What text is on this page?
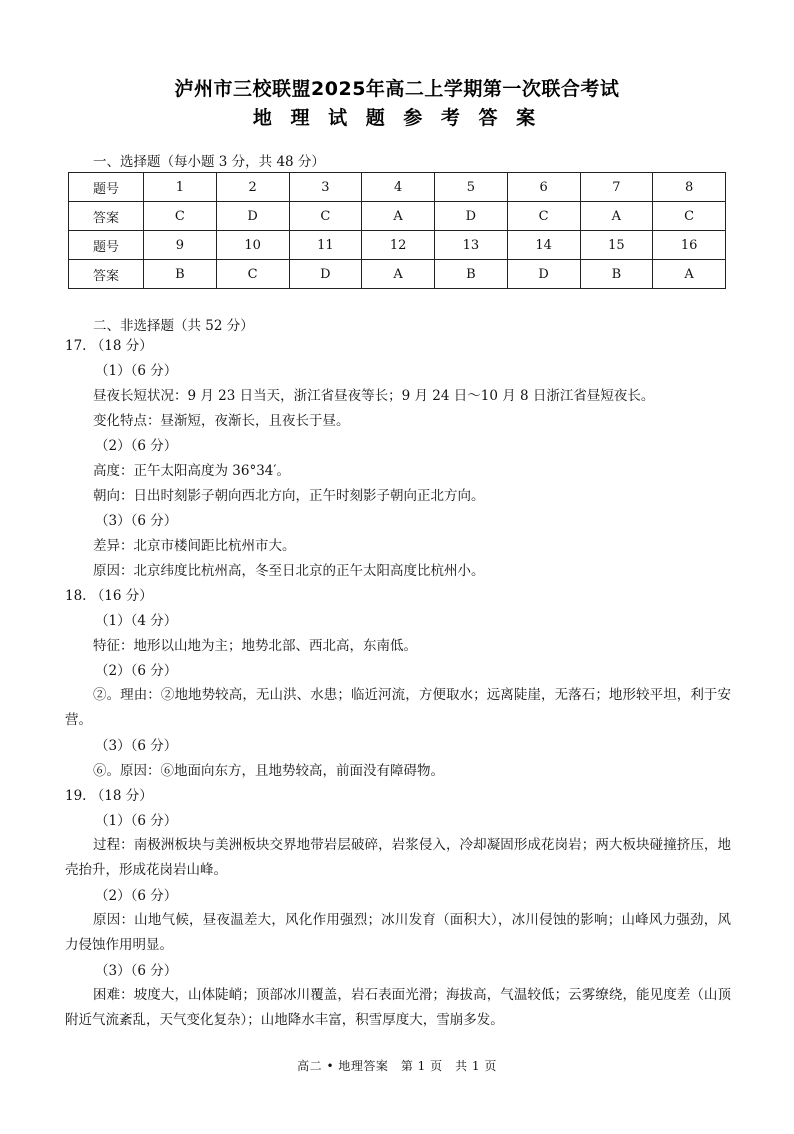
泸州市三校联盟2025年高二上学期第一次联合考试
地 理 试 题 参 考 答 案
一、选择题（每小题 3 分，共 48 分）
题号	1	2	3	4	5	6	7	8
答案	C	D	C	A	D	C	A	C
题号	9	10	11	12	13	14	15	16
答案	B	C	D	A	B	D	B	A
二、非选择题（共 52 分）
17. （18 分）
（1）（6 分）
昼夜长短状况：9 月 23 日当天，浙江省昼夜等长；9 月 24 日～10 月 8 日浙江省昼短夜长。
变化特点：昼渐短，夜渐长，且夜长于昼。
（2）（6 分）
高度：正午太阳高度为 36°34′。
朝向：日出时刻影子朝向西北方向，正午时刻影子朝向正北方向。
（3）（6 分）
差异：北京市楼间距比杭州市大。
原因：北京纬度比杭州高，冬至日北京的正午太阳高度比杭州小。
18. （16 分）
（1）（4 分）
特征：地形以山地为主；地势北部、西北高，东南低。
（2）（6 分）
②。理由：②地地势较高，无山洪、水患；临近河流，方便取水；远离陡崖，无落石；地形较平坦，利于安营。
（3）（6 分）
⑥。原因：⑥地面向东方，且地势较高，前面没有障碍物。
19. （18 分）
（1）（6 分）
过程：南极洲板块与美洲板块交界地带岩层破碎，岩浆侵入，冷却凝固形成花岗岩；两大板块碰撞挤压，地壳抬升，形成花岗岩山峰。
（2）（6 分）
原因：山地气候，昼夜温差大，风化作用强烈；冰川发育（面积大），冰川侵蚀的影响；山峰风力强劲，风力侵蚀作用明显。
（3）（6 分）
困难：坡度大，山体陡峭；顶部冰川覆盖，岩石表面光滑；海拔高，气温较低；云雾缭绕，能见度差（山顶附近气流紊乱，天气变化复杂）；山地降水丰富，积雪厚度大，雪崩多发。
高二 • 地理答案　第 1 页　共 1 页
